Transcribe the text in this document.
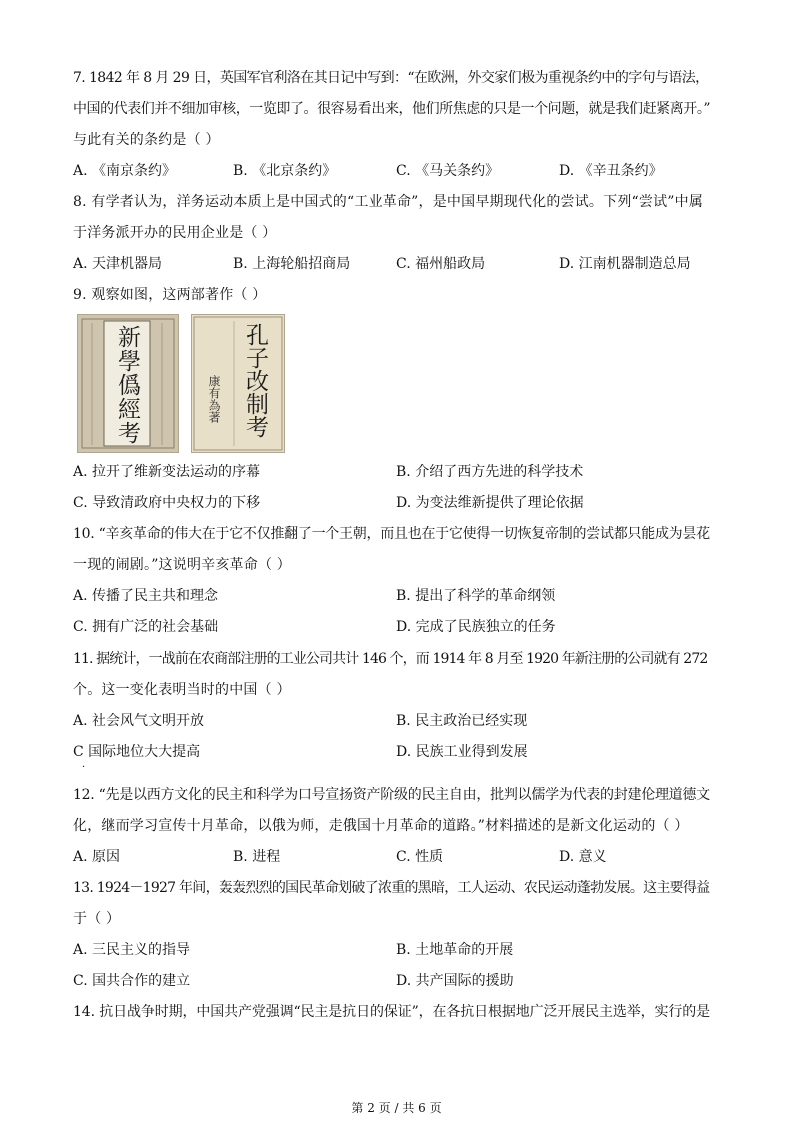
7. 1842 年 8 月 29 日，英国军官利洛在其日记中写到：“在欧洲，外交家们极为重视条约中的字句与语法，
中国的代表们并不细加审核，一览即了。很容易看出来，他们所焦虑的只是一个问题，就是我们赶紧离开。”
与此有关的条约是（ ）
A. 《南京条约》	B. 《北京条约》	C. 《马关条约》	D. 《辛丑条约》
8. 有学者认为，洋务运动本质上是中国式的“工业革命”，是中国早期现代化的尝试。下列“尝试”中属
于洋务派开办的民用企业是（ ）
A. 天津机器局	B. 上海轮船招商局	C. 福州船政局	D. 江南机器制造总局
9. 观察如图，这两部著作（ ）
新學僞經考	孔子改制考
康有為著
A. 拉开了维新变法运动的序幕	B. 介绍了西方先进的科学技术
C. 导致清政府中央权力的下移	D. 为变法维新提供了理论依据
10. “辛亥革命的伟大在于它不仅推翻了一个王朝，而且也在于它使得一切恢复帝制的尝试都只能成为昙花
一现的闹剧。”这说明辛亥革命（ ）
A. 传播了民主共和理念	B. 提出了科学的革命纲领
C. 拥有广泛的社会基础	D. 完成了民族独立的任务
11. 据统计，一战前在农商部注册的工业公司共计 146 个，而 1914 年 8 月至 1920 年新注册的公司就有 272
个。这一变化表明当时的中国（ ）
A. 社会风气文明开放	B. 民主政治已经实现
C 国际地位大大提高	D. 民族工业得到发展
·
12. “先是以西方文化的民主和科学为口号宣扬资产阶级的民主自由，批判以儒学为代表的封建伦理道德文
化，继而学习宣传十月革命，以俄为师，走俄国十月革命的道路。”材料描述的是新文化运动的（ ）
A. 原因	B. 进程	C. 性质	D. 意义
13. 1924－1927 年间，轰轰烈烈的国民革命划破了浓重的黑暗，工人运动、农民运动蓬勃发展。这主要得益
于（ ）
A. 三民主义的指导	B. 土地革命的开展
C. 国共合作的建立	D. 共产国际的援助
14. 抗日战争时期，中国共产党强调“民主是抗日的保证”，在各抗日根据地广泛开展民主选举，实行的是
第 2 页 / 共 6 页
